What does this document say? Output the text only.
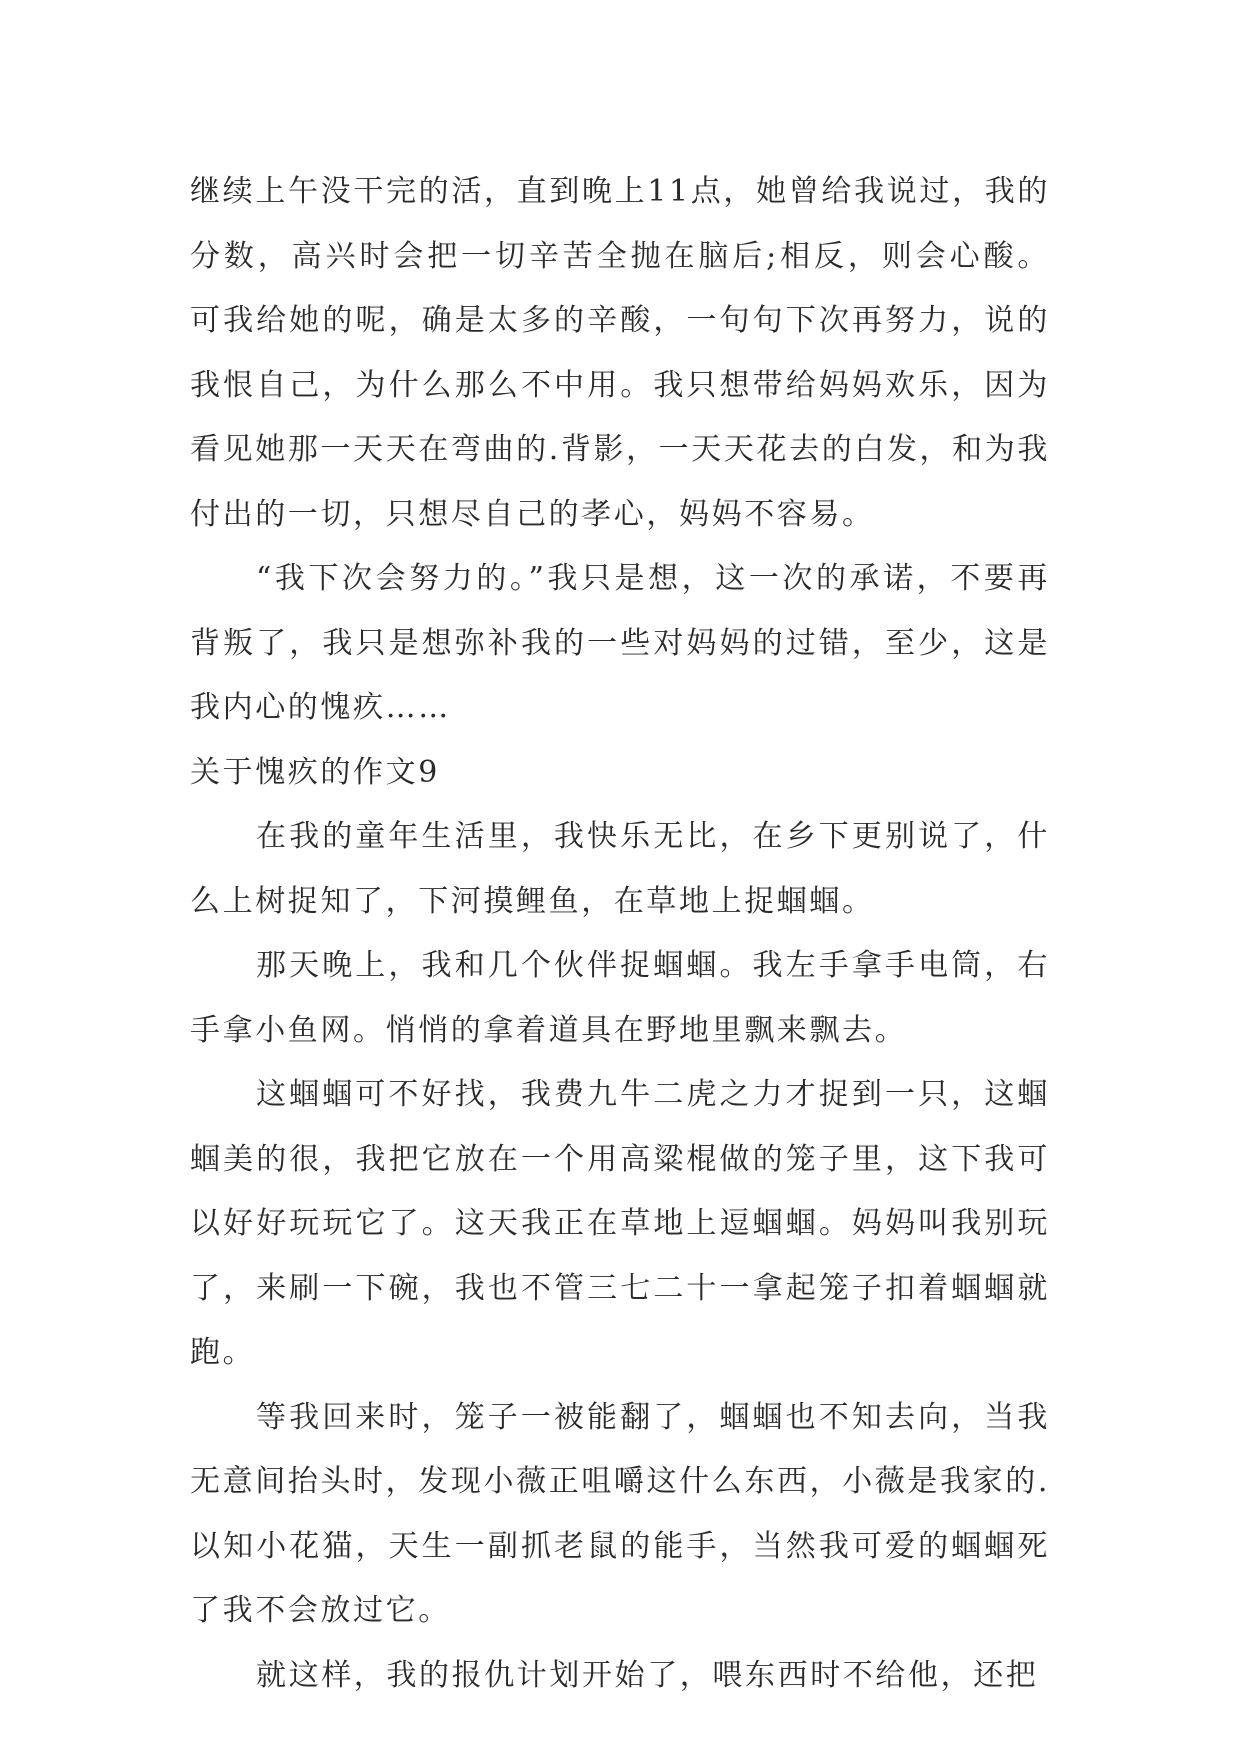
继续上午没干完的活，直到晚上11点，她曾给我说过，我的分数，高兴时会把一切辛苦全抛在脑后;相反，则会心酸。可我给她的呢，确是太多的辛酸，一句句下次再努力，说的我恨自己，为什么那么不中用。我只想带给妈妈欢乐，因为看见她那一天天在弯曲的.背影，一天天花去的白发，和为我付出的一切，只想尽自己的孝心，妈妈不容易。

“我下次会努力的。”我只是想，这一次的承诺，不要再背叛了，我只是想弥补我的一些对妈妈的过错，至少，这是我内心的愧疚……

关于愧疚的作文9

在我的童年生活里，我快乐无比，在乡下更别说了，什么上树捉知了，下河摸鲤鱼，在草地上捉蝈蝈。

那天晚上，我和几个伙伴捉蝈蝈。我左手拿手电筒，右手拿小鱼网。悄悄的拿着道具在野地里飘来飘去。

这蝈蝈可不好找，我费九牛二虎之力才捉到一只，这蝈蝈美的很，我把它放在一个用高粱棍做的笼子里，这下我可以好好玩玩它了。这天我正在草地上逗蝈蝈。妈妈叫我别玩了，来刷一下碗，我也不管三七二十一拿起笼子扣着蝈蝈就跑。

等我回来时，笼子一被能翻了，蝈蝈也不知去向，当我无意间抬头时，发现小薇正咀嚼这什么东西，小薇是我家的.以知小花猫，天生一副抓老鼠的能手，当然我可爱的蝈蝈死了我不会放过它。

就这样，我的报仇计划开始了，喂东西时不给他，还把
